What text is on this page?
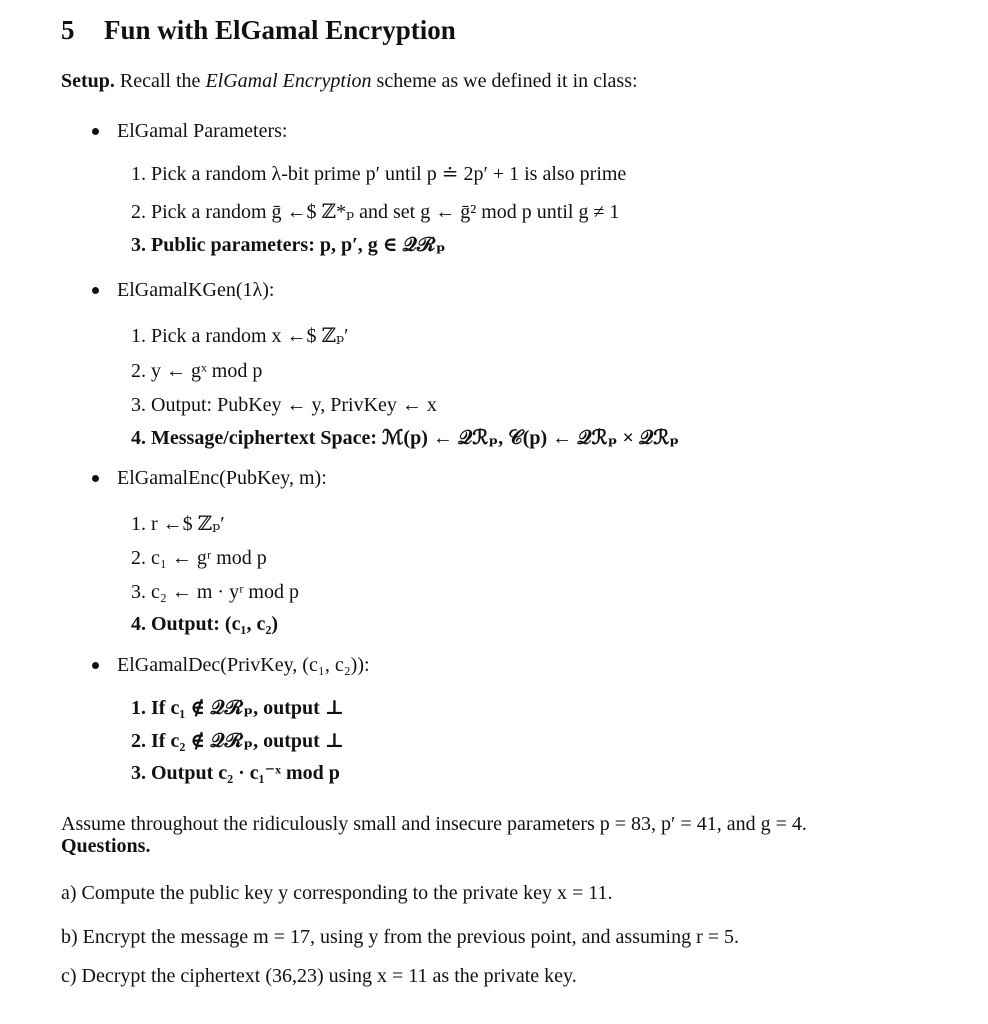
5 Fun with ElGamal Encryption
Setup. Recall the ElGamal Encryption scheme as we defined it in class:
ElGamal Parameters:
1. Pick a random λ-bit prime p′ until p ≐ 2p′ + 1 is also prime
2. Pick a random ḡ ←$ ℤ*ₚ and set g ← ḡ² mod p until g ≠ 1
3. Public parameters: p, p′, g ∈ 𝒬ℛₚ
ElGamalKGen(1λ):
1. Pick a random x ←$ ℤₚ′
2. y ← gˣ mod p
3. Output: PubKey ← y, PrivKey ← x
4. Message/ciphertext Space: ℳ(p) ← 𝒬ℛₚ, 𝒞(p) ← 𝒬ℛₚ × 𝒬ℛₚ
ElGamalEnc(PubKey, m):
1. r ←$ ℤₚ′
2. c₁ ← gʳ mod p
3. c₂ ← m · yʳ mod p
4. Output: (c₁, c₂)
ElGamalDec(PrivKey, (c₁, c₂)):
1. If c₁ ∉ 𝒬ℛₚ, output ⊥
2. If c₂ ∉ 𝒬ℛₚ, output ⊥
3. Output c₂ · c₁⁻ˣ mod p
Assume throughout the ridiculously small and insecure parameters p = 83, p′ = 41, and g = 4.
Questions.
a) Compute the public key y corresponding to the private key x = 11.
b) Encrypt the message m = 17, using y from the previous point, and assuming r = 5.
c) Decrypt the ciphertext (36,23) using x = 11 as the private key.
